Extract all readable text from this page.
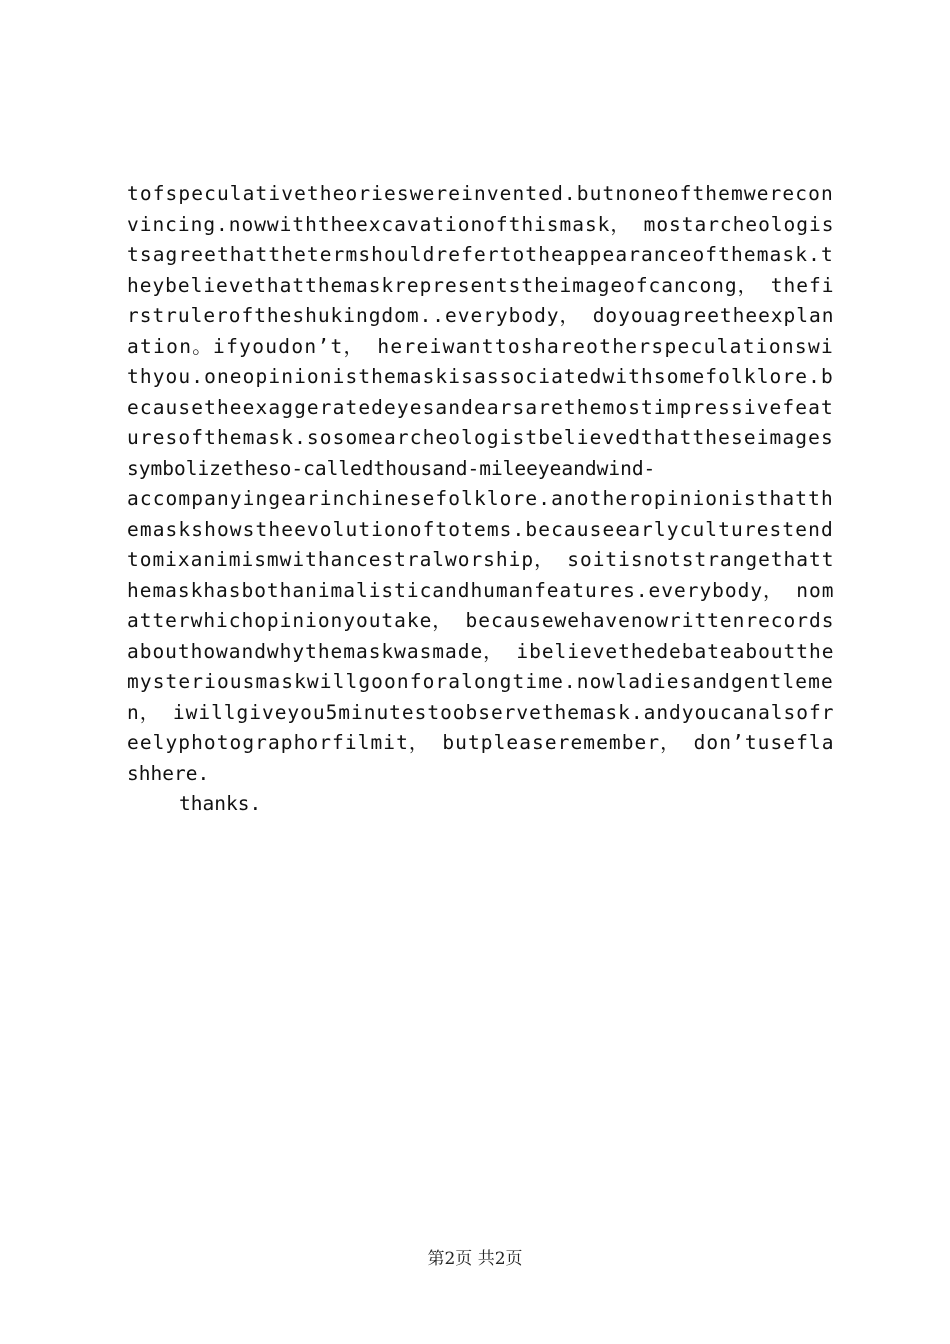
tofspeculativetheorieswereinvented.butnoneofthemwerecon
vincing.nowwiththeexcavationofthismask， mostarcheologis
tsagreethatthetermshouldrefertotheappearanceofthemask.t
heybelievethatthemaskrepresentstheimageofcancong， thefi
rstruleroftheshukingdom..everybody， doyouagreetheexplan
ation。ifyoudon’t， hereiwanttoshareotherspeculationswi
thyou.oneopinionisthemaskisassociatedwithsomefolklore.b
ecausetheexaggeratedeyesandearsarethemostimpressivefeat
uresofthemask.sosomearcheologistbelievedthattheseimages
symbolizetheso-calledthousand-mileeyeandwind-
accompanyingearinchinesefolklore.anotheropinionisthatth
emaskshowstheevolutionoftotems.becauseearlyculturestend
tomixanimismwithancestralworship， soitisnotstrangethatt
hemaskhasbothanimalisticandhumanfeatures.everybody， nom
atterwhichopinionyoutake， becausewehavenowrittenrecords
abouthowandwhythemaskwasmade， ibelievethedebateaboutthe
mysteriousmaskwillgoonforalongtime.nowladiesandgentleme
n， iwillgiveyou5minutestoobservethemask.andyoucanalsofr
eelyphotographorfilmit， butpleaseremember， don’tusefla
shhere.
thanks.
第2页 共2页
